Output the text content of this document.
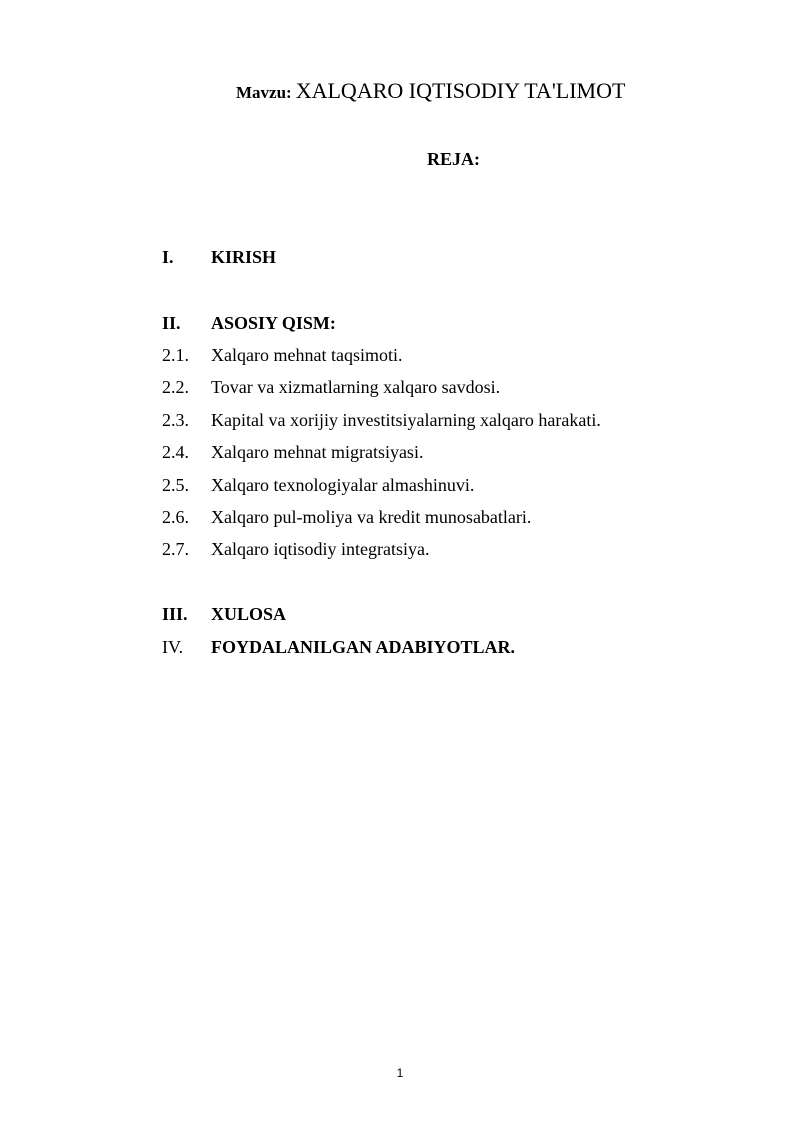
Mavzu: XALQARO IQTISODIY TA'LIMOT
REJA:
I. KIRISH
II. ASOSIY QISM:
2.1. Xalqaro mehnat taqsimoti.
2.2. Tovar va xizmatlarning xalqaro savdosi.
2.3. Kapital va xorijiy investitsiyalarning xalqaro harakati.
2.4. Xalqaro mehnat migratsiyasi.
2.5. Xalqaro texnologiyalar almashinuvi.
2.6. Xalqaro pul-moliya va kredit munosabatlari.
2.7. Xalqaro iqtisodiy integratsiya.
III. XULOSA
IV. FOYDALANILGAN ADABIYOTLAR.
1
